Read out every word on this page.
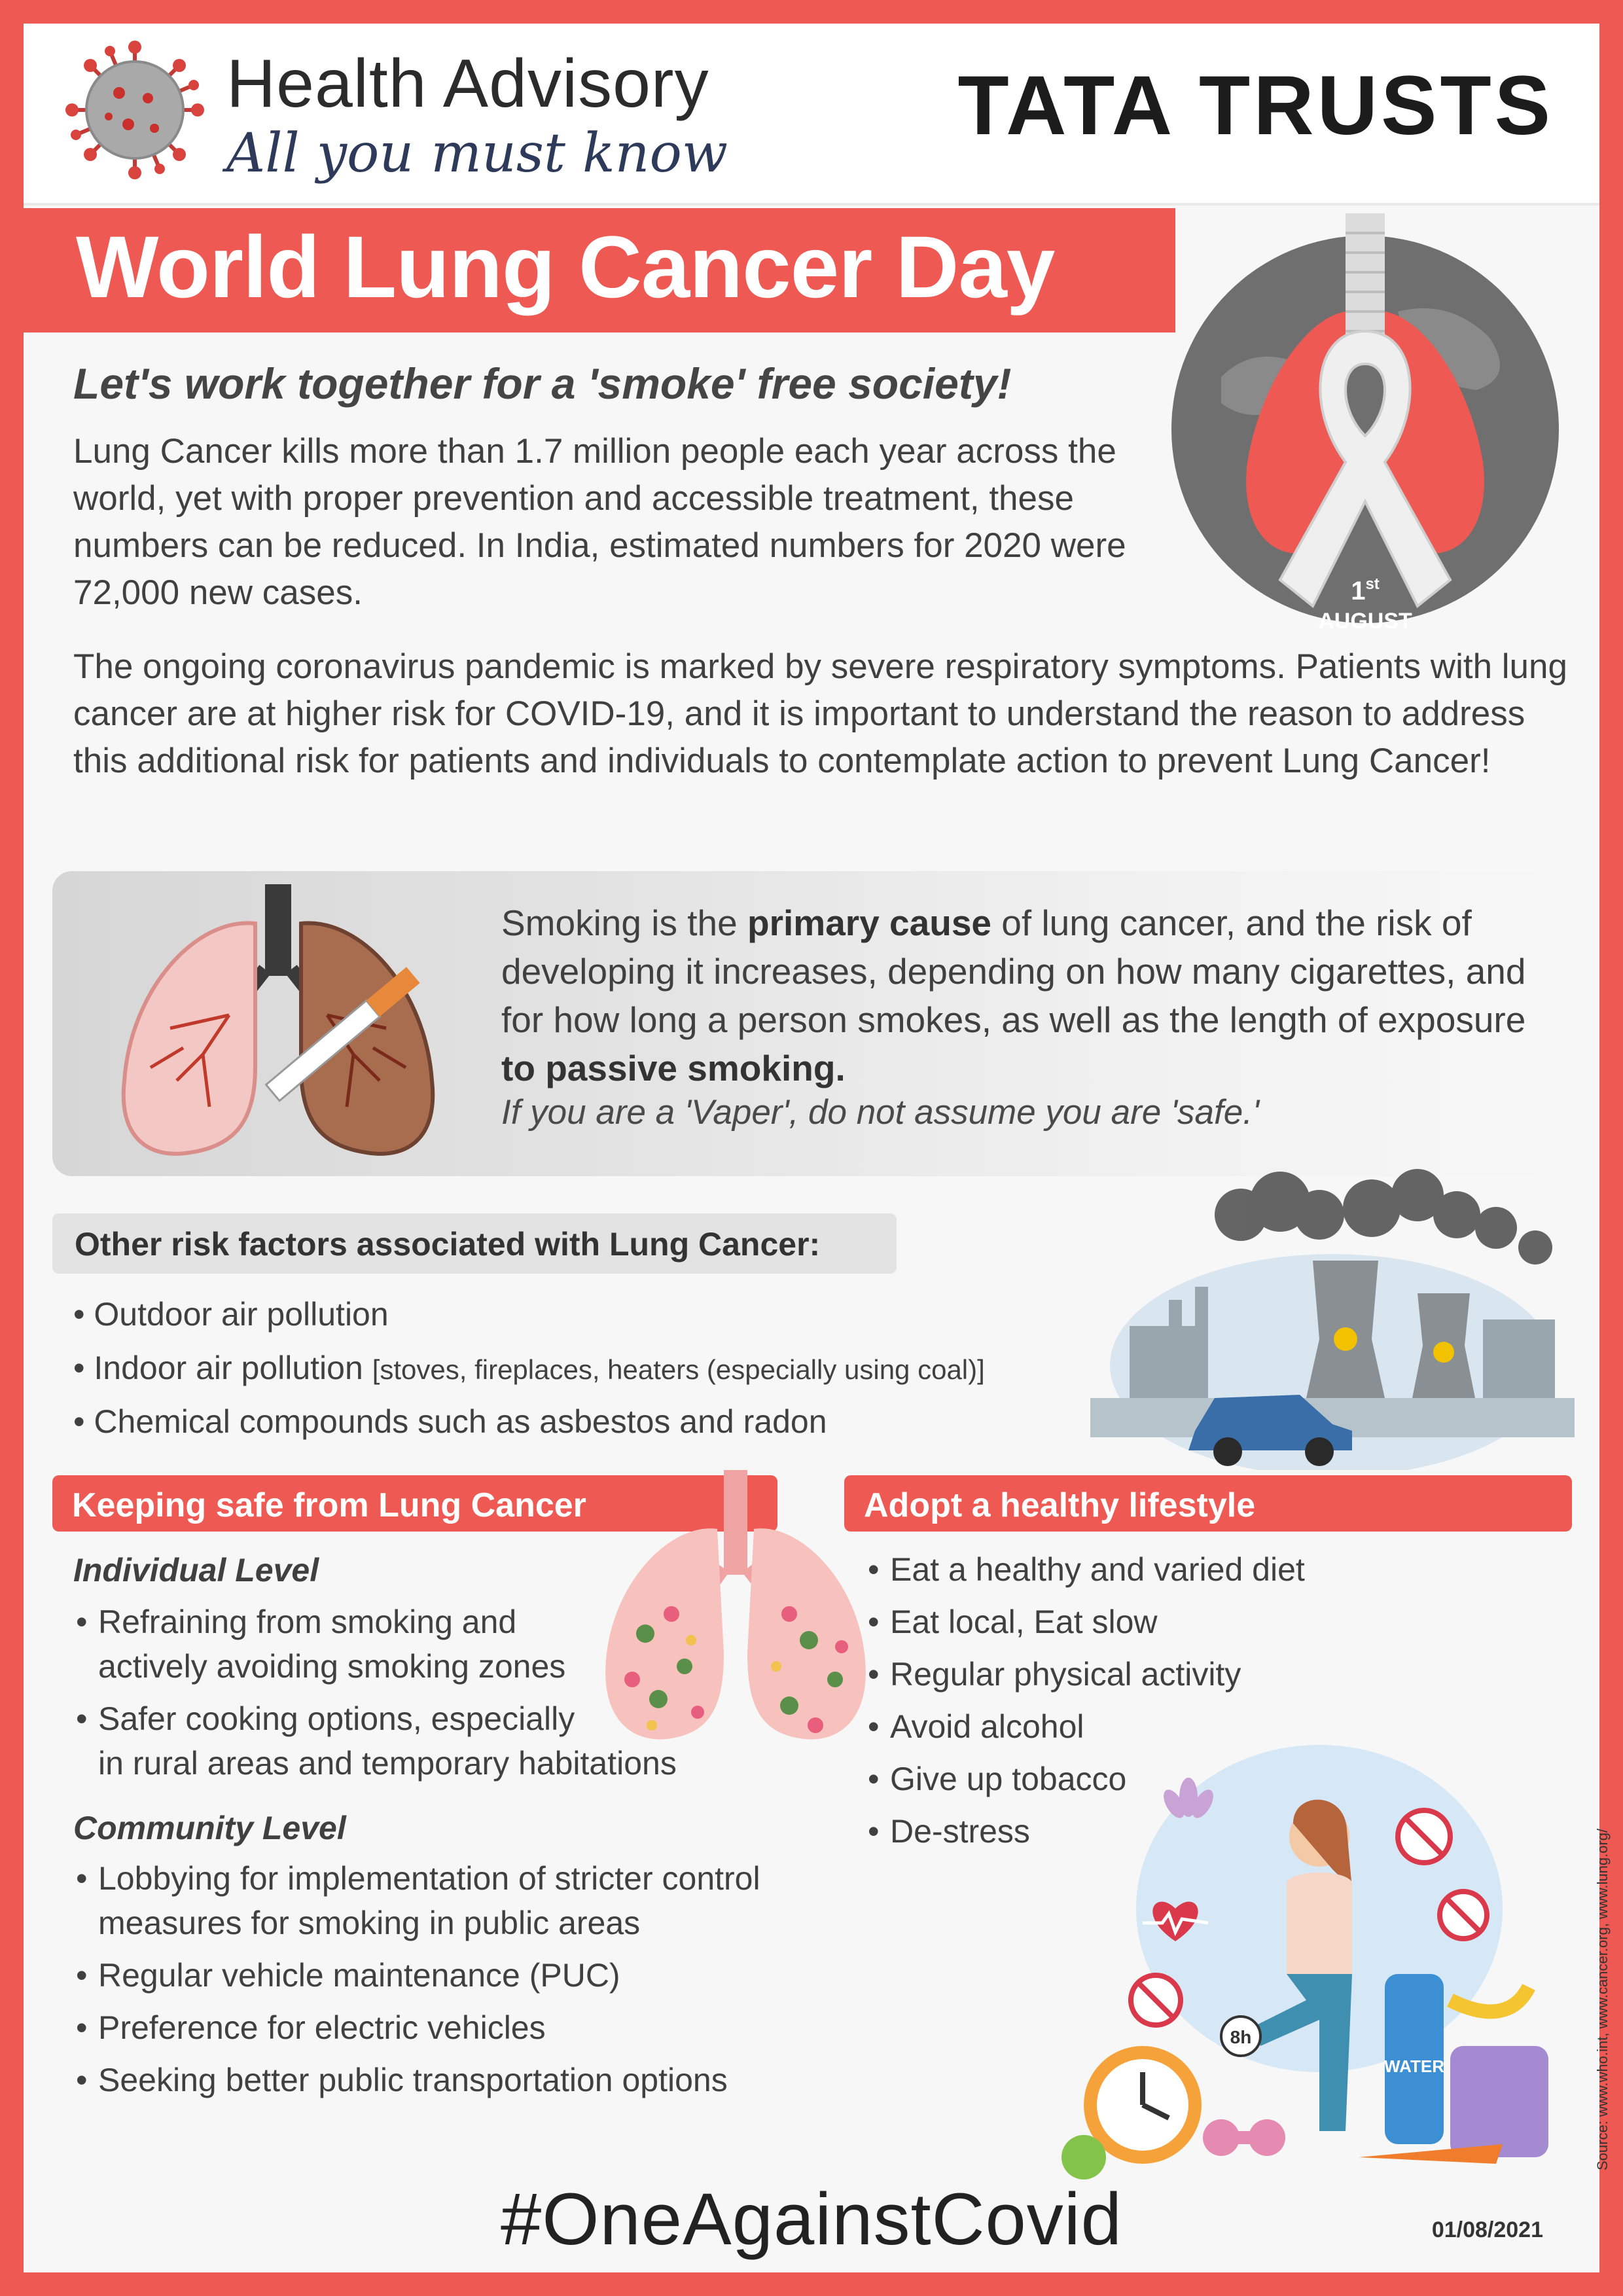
Health Advisory
All you must know
TATA TRUSTS
World Lung Cancer Day
1st
AUGUST
Let's work together for a 'smoke' free society!
Lung Cancer kills more than 1.7 million people each year across the world, yet with proper prevention and accessible treatment, these numbers can be reduced. In India, estimated numbers for 2020 were 72,000 new cases.
The ongoing coronavirus pandemic is marked by severe respiratory symptoms. Patients with lung cancer are at higher risk for COVID-19, and it is important to understand the reason to address this additional risk for patients and individuals to contemplate action to prevent Lung Cancer!
Smoking is the primary cause of lung cancer, and the risk of developing it increases, depending on how many cigarettes, and for how long a person smokes, as well as the length of exposure to passive smoking.
If you are a 'Vaper', do not assume you are 'safe.'
Other risk factors associated with Lung Cancer:
• Outdoor air pollution
• Indoor air pollution [stoves, fireplaces, heaters (especially using coal)]
• Chemical compounds such as asbestos and radon
Keeping safe from Lung Cancer	Adopt a healthy lifestyle
Individual Level
• Refraining from smoking and
actively avoiding smoking zones
• Safer cooking options, especially
in rural areas and temporary habitations
Community Level
• Lobbying for implementation of stricter control
measures for smoking in public areas
• Regular vehicle maintenance (PUC)
• Preference for electric vehicles
• Seeking better public transportation options
• Eat a healthy and varied diet
• Eat local, Eat slow
• Regular physical activity
• Avoid alcohol
• Give up tobacco
• De-stress
8h
WATER	Source: www.who.int, www.cancer.org, www.lung.org/
#OneAgainstCovid	01/08/2021
